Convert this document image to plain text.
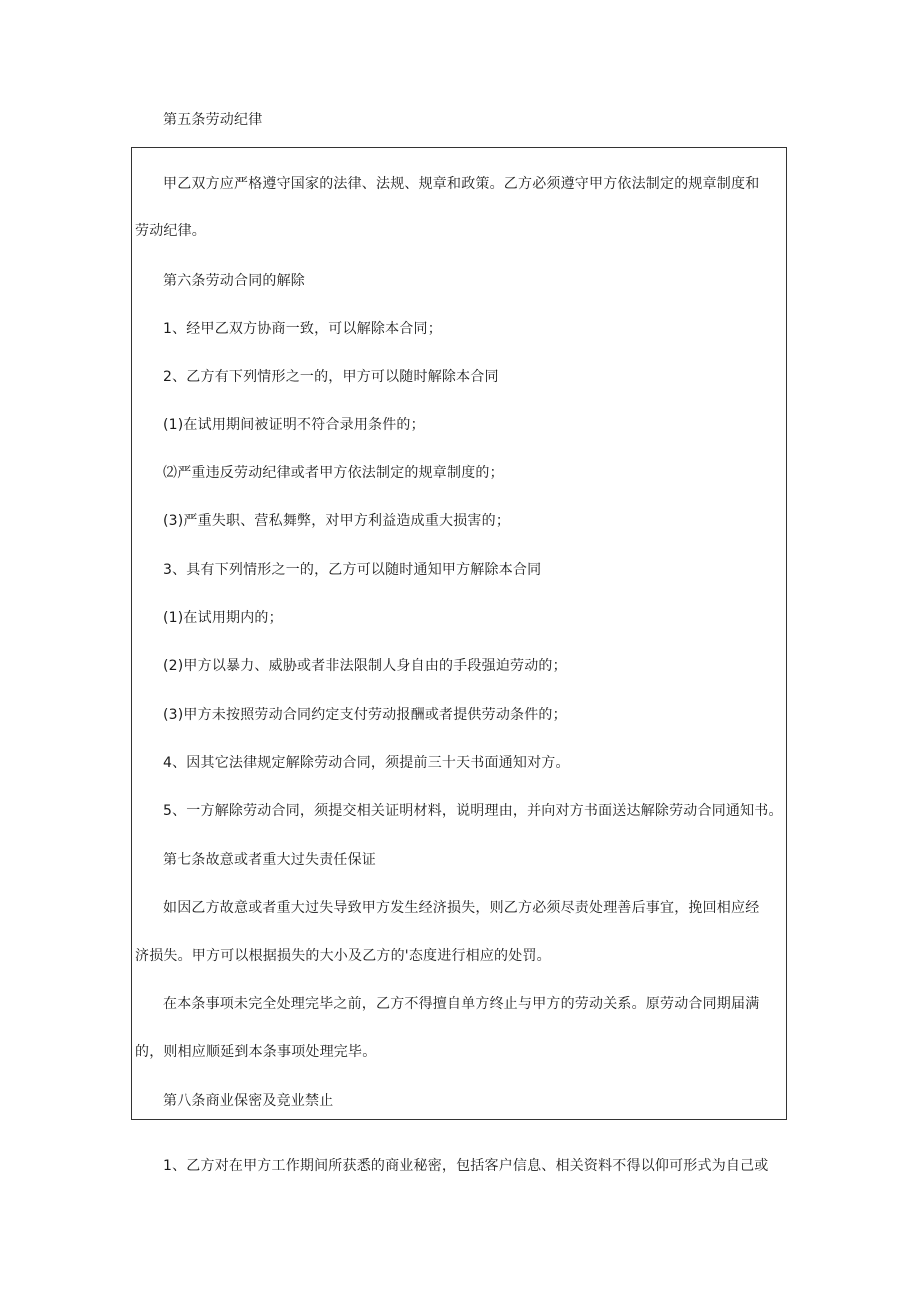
第五条劳动纪律
甲乙双方应严格遵守国家的法律、法规、规章和政策。乙方必须遵守甲方依法制定的规章制度和
劳动纪律。
第六条劳动合同的解除
1、经甲乙双方协商一致，可以解除本合同；
2、乙方有下列情形之一的，甲方可以随时解除本合同
(1)在试用期间被证明不符合录用条件的；
⑵严重违反劳动纪律或者甲方依法制定的规章制度的；
(3)严重失职、营私舞弊，对甲方利益造成重大损害的；
3、具有下列情形之一的，乙方可以随时通知甲方解除本合同
(1)在试用期内的；
(2)甲方以暴力、威胁或者非法限制人身自由的手段强迫劳动的；
(3)甲方未按照劳动合同约定支付劳动报酬或者提供劳动条件的；
4、因其它法律规定解除劳动合同，须提前三十天书面通知对方。
5、一方解除劳动合同，须提交相关证明材料，说明理由，并向对方书面送达解除劳动合同通知书。
第七条故意或者重大过失责任保证
如因乙方故意或者重大过失导致甲方发生经济损失，则乙方必须尽责处理善后事宜，挽回相应经
济损失。甲方可以根据损失的大小及乙方的'态度进行相应的处罚。
在本条事项未完全处理完毕之前，乙方不得擅自单方终止与甲方的劳动关系。原劳动合同期届满
的，则相应顺延到本条事项处理完毕。
第八条商业保密及竞业禁止
1、乙方对在甲方工作期间所获悉的商业秘密，包括客户信息、相关资料不得以仰可形式为自己或
